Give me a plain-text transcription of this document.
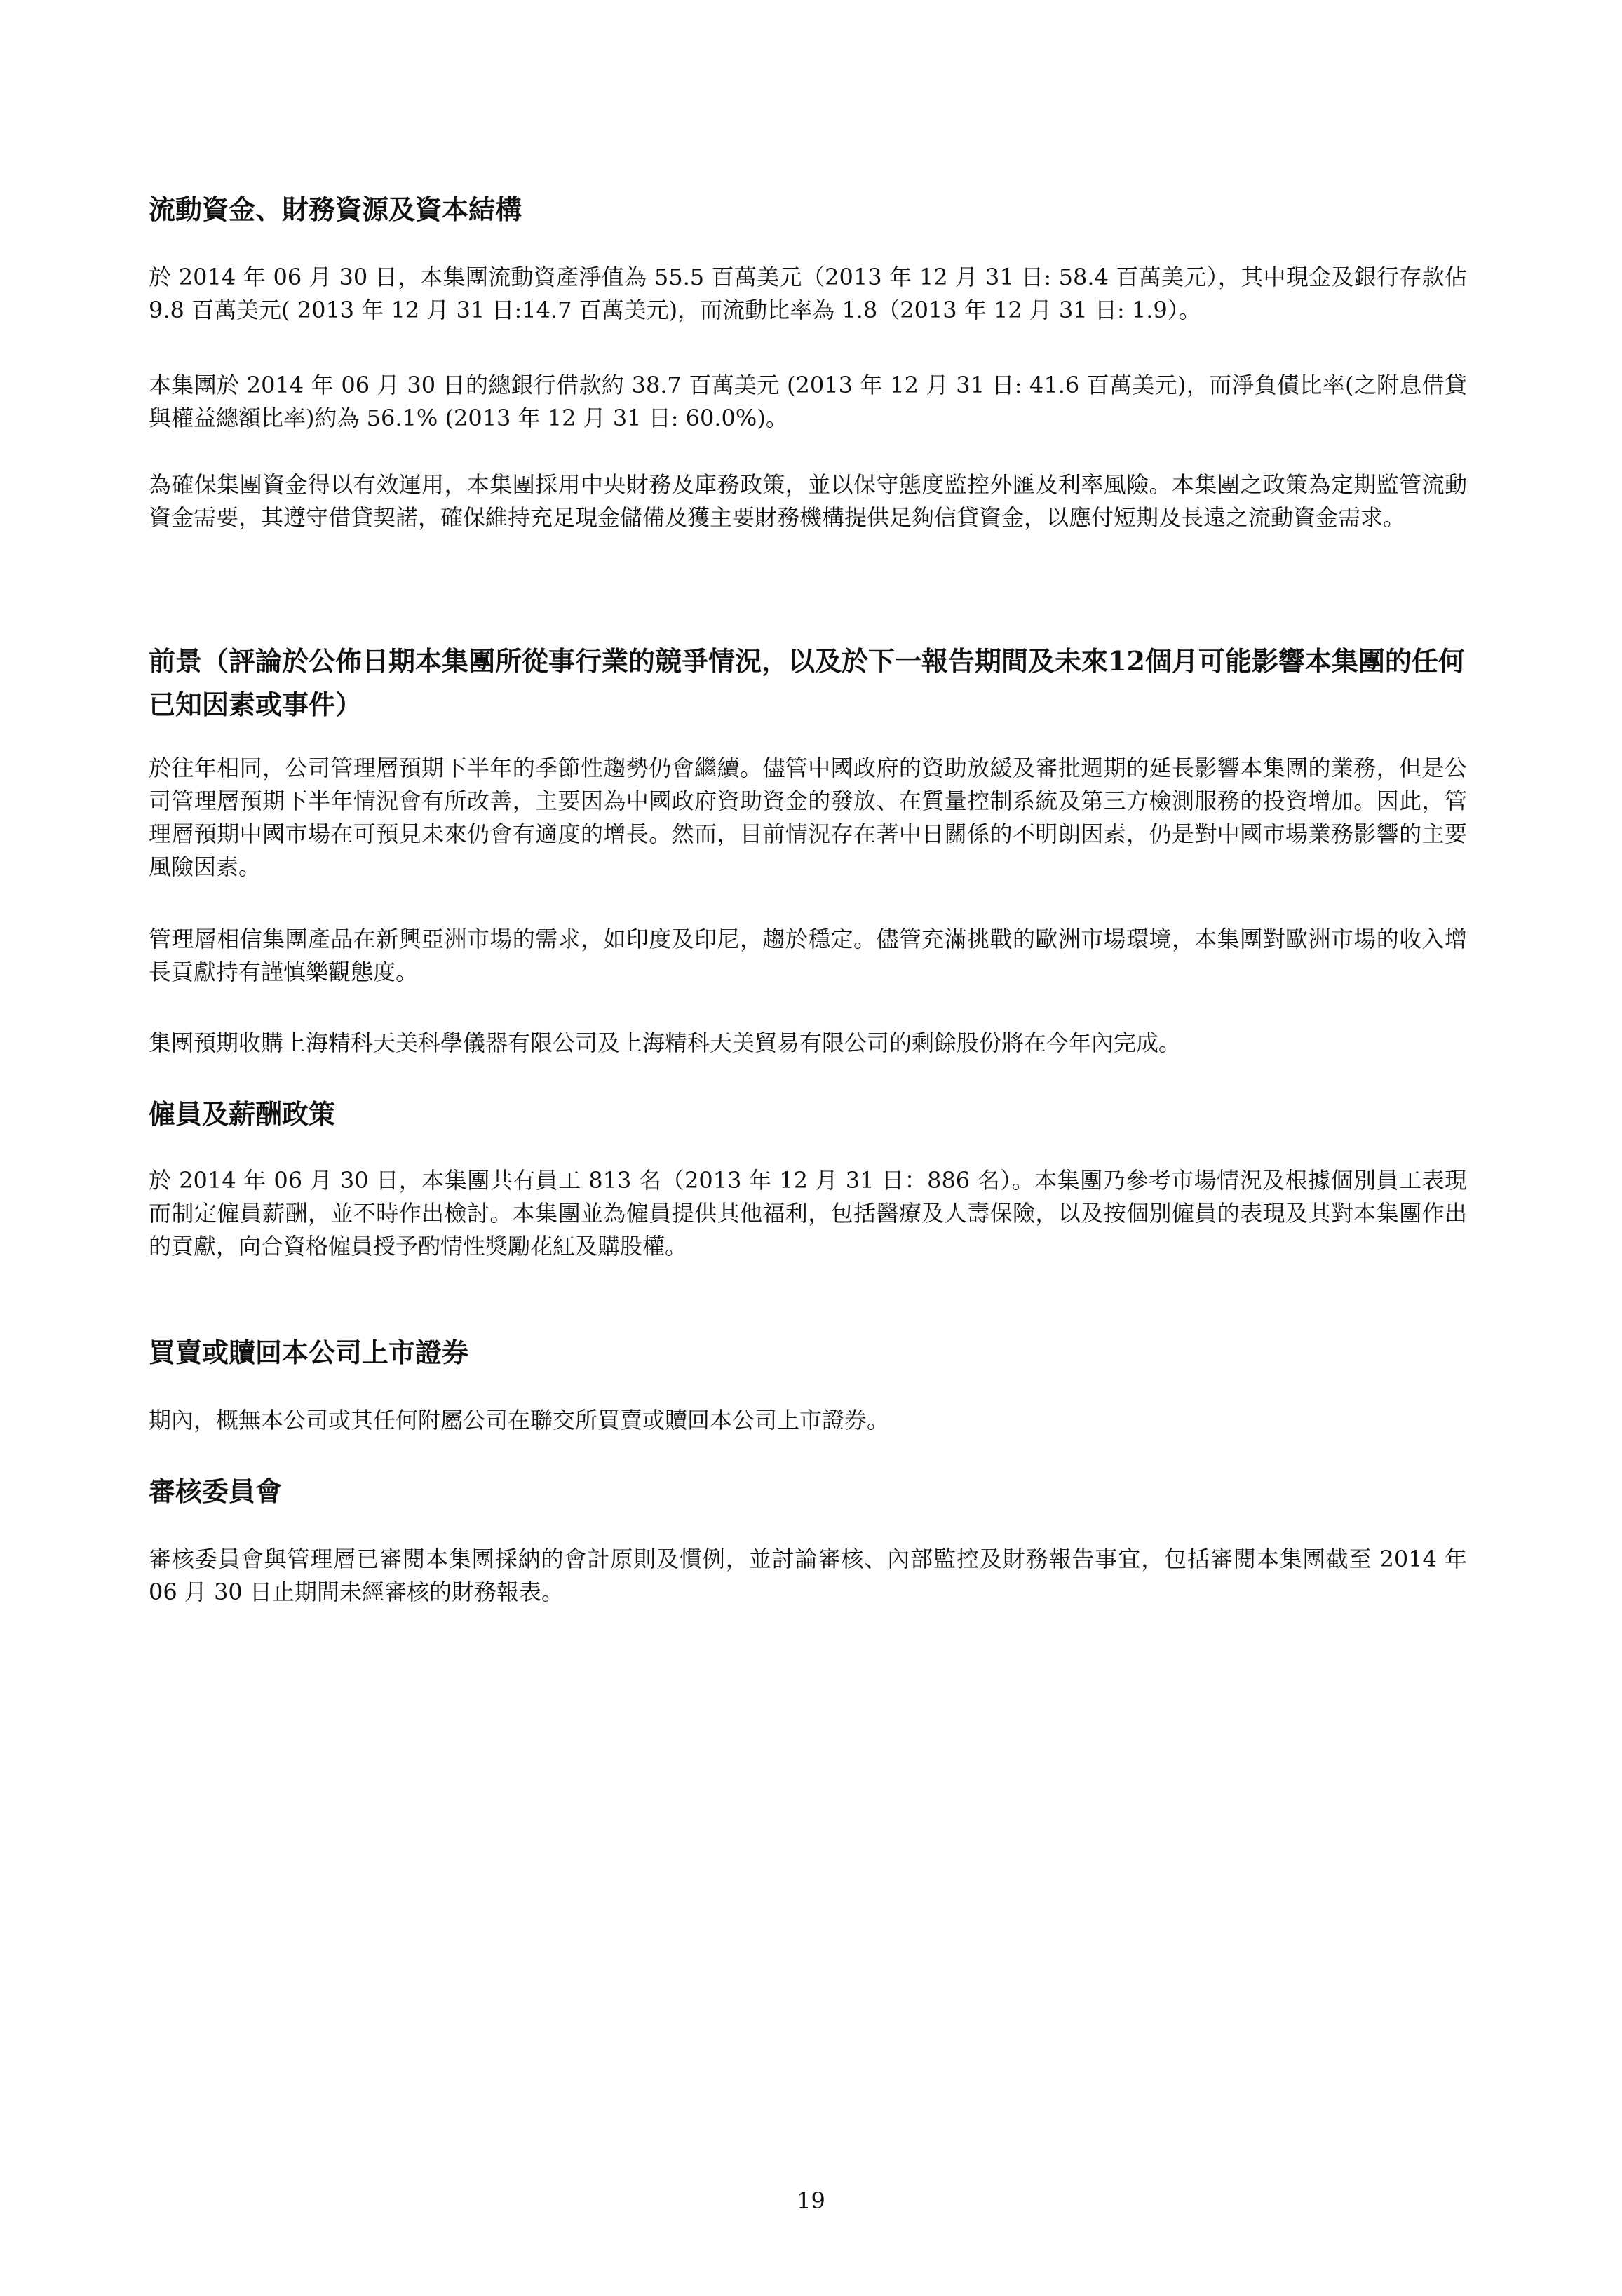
流動資金、財務資源及資本結構

於 2014 年 06 月 30 日，本集團流動資產淨值為 55.5 百萬美元（2013 年 12 月 31 日: 58.4 百萬美元），其中現金及銀行存款佔 9.8 百萬美元( 2013 年 12 月 31 日:14.7 百萬美元)，而流動比率為 1.8（2013 年 12 月 31 日: 1.9）。

本集團於 2014 年 06 月 30 日的總銀行借款約 38.7 百萬美元 (2013 年 12 月 31 日: 41.6 百萬美元)，而淨負債比率(之附息借貸與權益總額比率)約為 56.1% (2013 年 12 月 31 日: 60.0%)。

為確保集團資金得以有效運用，本集團採用中央財務及庫務政策，並以保守態度監控外匯及利率風險。本集團之政策為定期監管流動資金需要，其遵守借貸契諾，確保維持充足現金儲備及獲主要財務機構提供足夠信貸資金，以應付短期及長遠之流動資金需求。

前景（評論於公佈日期本集團所從事行業的競爭情況，以及於下一報告期間及未來12個月可能影響本集團的任何已知因素或事件）

於往年相同，公司管理層預期下半年的季節性趨勢仍會繼續。儘管中國政府的資助放緩及審批週期的延長影響本集團的業務，但是公司管理層預期下半年情況會有所改善，主要因為中國政府資助資金的發放、在質量控制系統及第三方檢測服務的投資增加。因此，管理層預期中國市場在可預見未來仍會有適度的增長。然而，目前情況存在著中日關係的不明朗因素，仍是對中國市場業務影響的主要風險因素。

管理層相信集團產品在新興亞洲市場的需求，如印度及印尼，趨於穩定。儘管充滿挑戰的歐洲市場環境，本集團對歐洲市場的收入增長貢獻持有謹慎樂觀態度。

集團預期收購上海精科天美科學儀器有限公司及上海精科天美貿易有限公司的剩餘股份將在今年內完成。

僱員及薪酬政策

於 2014 年 06 月 30 日，本集團共有員工 813 名（2013 年 12 月 31 日：886 名）。本集團乃參考市場情況及根據個別員工表現而制定僱員薪酬，並不時作出檢討。本集團並為僱員提供其他福利，包括醫療及人壽保險，以及按個別僱員的表現及其對本集團作出的貢獻，向合資格僱員授予酌情性獎勵花紅及購股權。

買賣或贖回本公司上市證券

期內，概無本公司或其任何附屬公司在聯交所買賣或贖回本公司上市證券。

審核委員會

審核委員會與管理層已審閱本集團採納的會計原則及慣例，並討論審核、內部監控及財務報告事宜，包括審閱本集團截至 2014 年 06 月 30 日止期間未經審核的財務報表。

19
